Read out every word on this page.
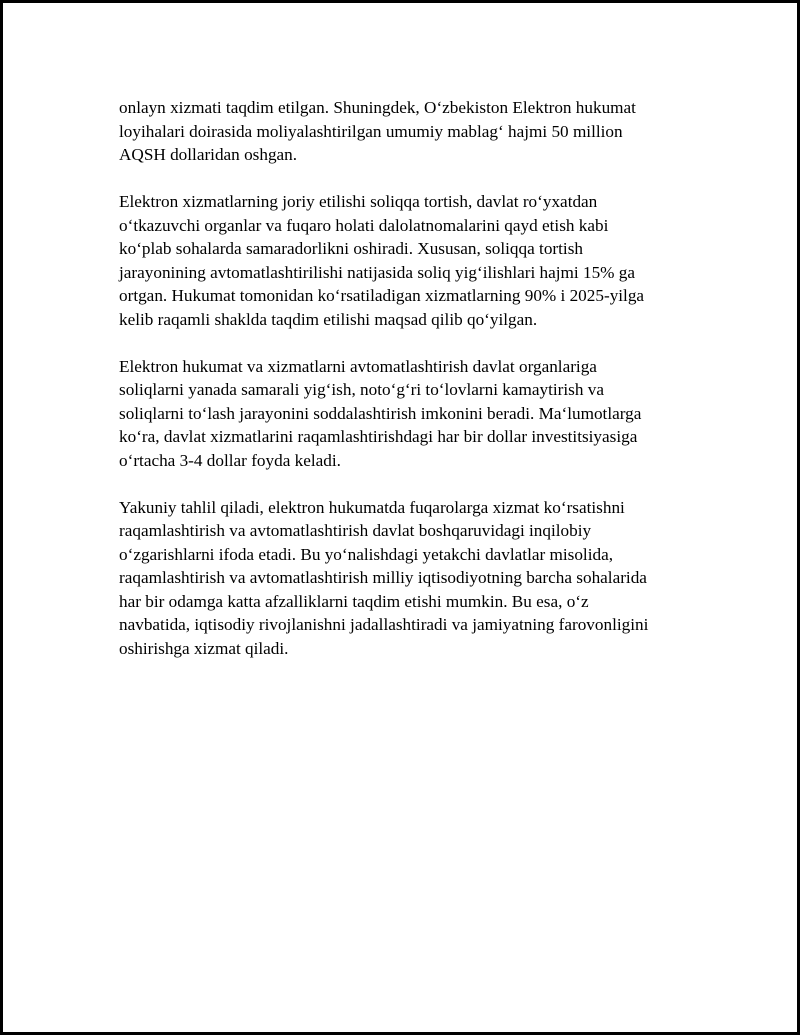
onlayn xizmati taqdim etilgan. Shuningdek, O‘zbekiston Elektron hukumat
loyihalari doirasida moliyalashtirilgan umumiy mablag‘ hajmi 50 million
AQSH dollaridan oshgan.

Elektron xizmatlarning joriy etilishi soliqqa tortish, davlat ro‘yxatdan
o‘tkazuvchi organlar va fuqaro holati dalolatnomalarini qayd etish kabi
ko‘plab sohalarda samaradorlikni oshiradi. Xususan, soliqqa tortish
jarayonining avtomatlashtirilishi natijasida soliq yig‘ilishlari hajmi 15% ga
ortgan. Hukumat tomonidan ko‘rsatiladigan xizmatlarning 90% i 2025-yilga
kelib raqamli shaklda taqdim etilishi maqsad qilib qo‘yilgan.

Elektron hukumat va xizmatlarni avtomatlashtirish davlat organlariga
soliqlarni yanada samarali yig‘ish, noto‘g‘ri to‘lovlarni kamaytirish va
soliqlarni to‘lash jarayonini soddalashtirish imkonini beradi. Ma‘lumotlarga
ko‘ra, davlat xizmatlarini raqamlashtirishdagi har bir dollar investitsiyasiga
o‘rtacha 3-4 dollar foyda keladi.

Yakuniy tahlil qiladi, elektron hukumatda fuqarolarga xizmat ko‘rsatishni
raqamlashtirish va avtomatlashtirish davlat boshqaruvidagi inqilobiy
o‘zgarishlarni ifoda etadi. Bu yo‘nalishdagi yetakchi davlatlar misolida,
raqamlashtirish va avtomatlashtirish milliy iqtisodiyotning barcha sohalarida
har bir odamga katta afzalliklarni taqdim etishi mumkin. Bu esa, o‘z
navbatida, iqtisodiy rivojlanishni jadallashtiradi va jamiyatning farovonligini
oshirishga xizmat qiladi.
